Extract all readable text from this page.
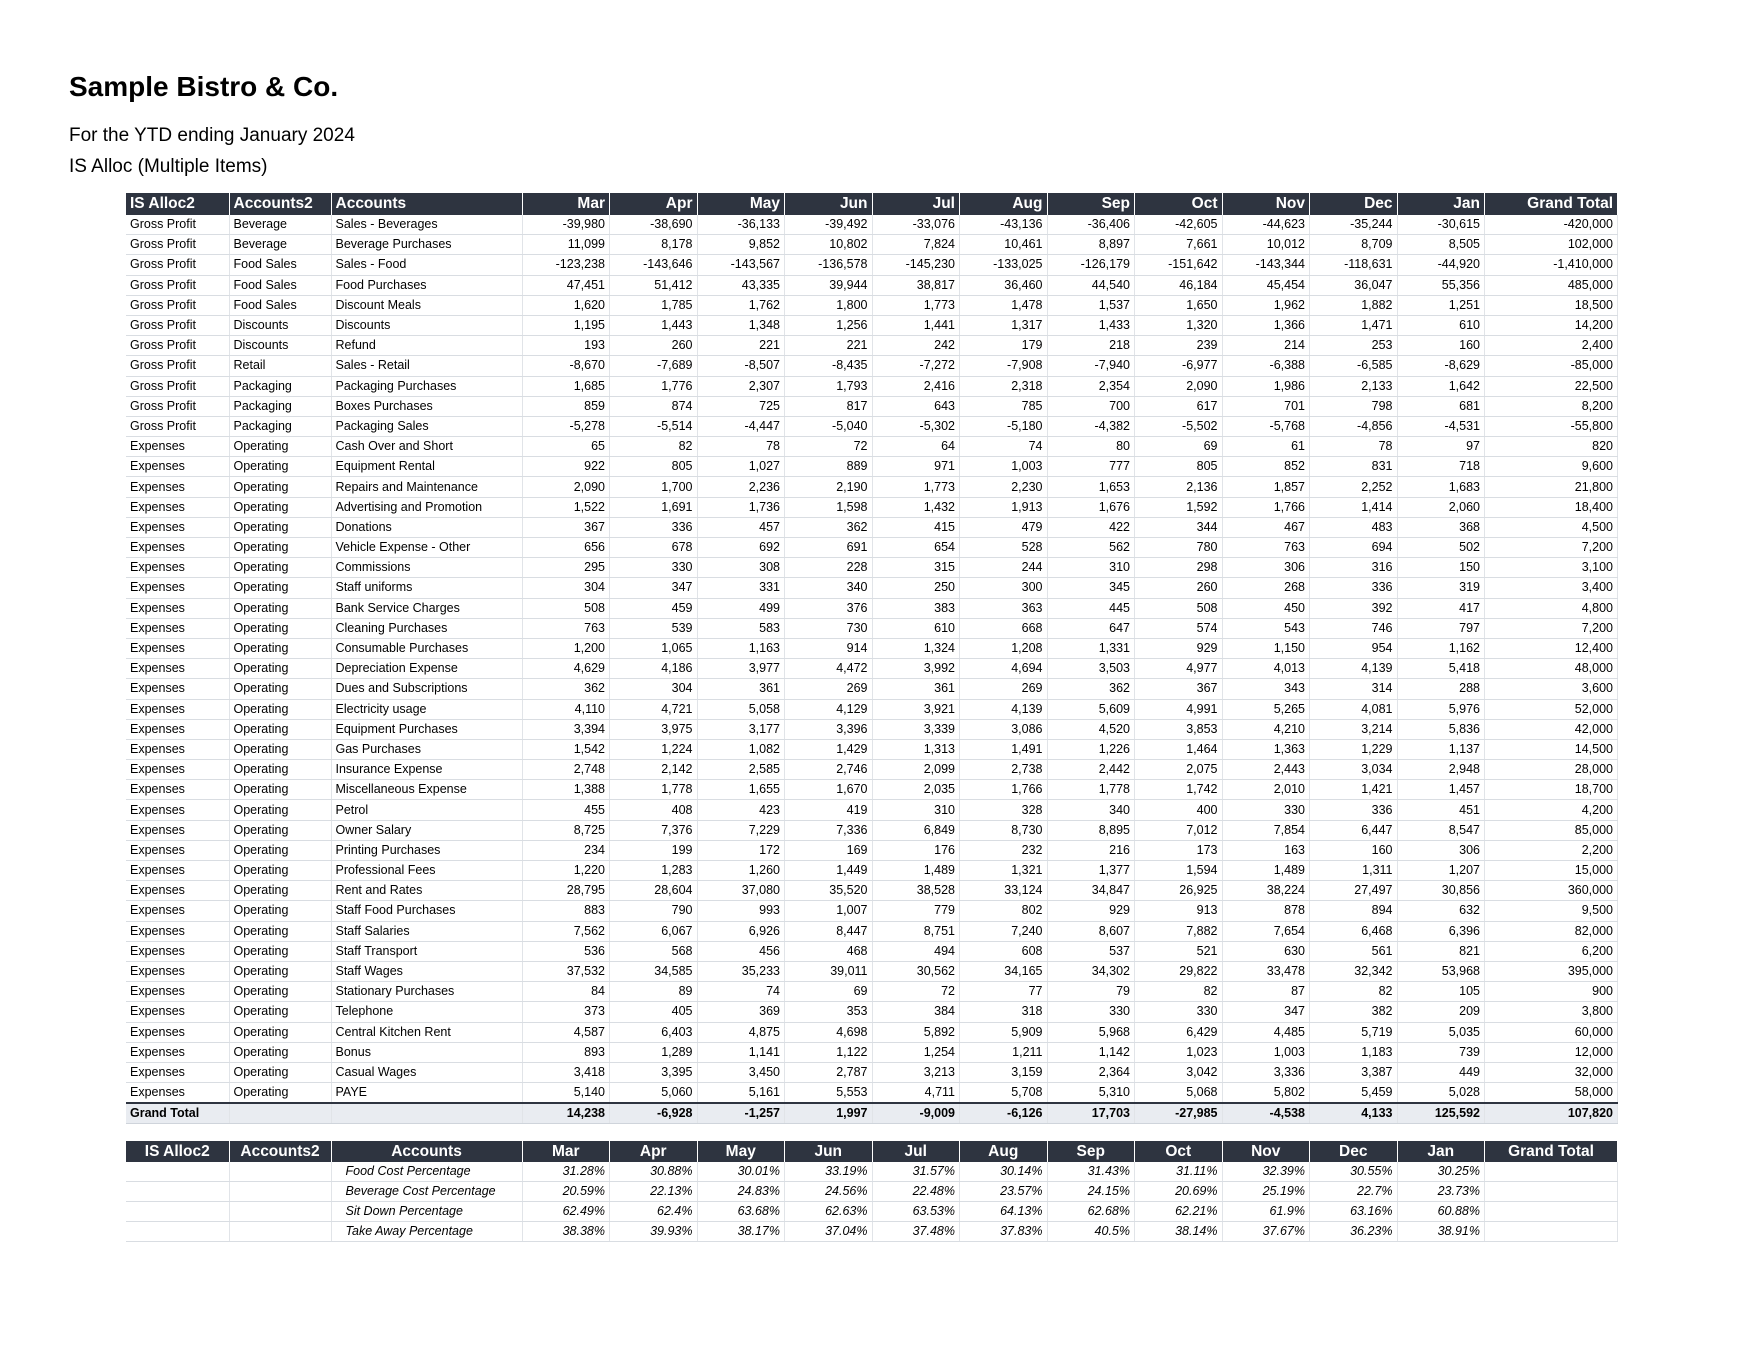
Sample Bistro & Co.
For the YTD ending January 2024
IS Alloc (Multiple Items)
IS Alloc2	Accounts2	Accounts	Mar	Apr	May	Jun	Jul	Aug	Sep	Oct	Nov	Dec	Jan	Grand Total
Gross Profit	Beverage	Sales - Beverages	-39,980	-38,690	-36,133	-39,492	-33,076	-43,136	-36,406	-42,605	-44,623	-35,244	-30,615	-420,000
Gross Profit	Beverage	Beverage Purchases	11,099	8,178	9,852	10,802	7,824	10,461	8,897	7,661	10,012	8,709	8,505	102,000
Gross Profit	Food Sales	Sales - Food	-123,238	-143,646	-143,567	-136,578	-145,230	-133,025	-126,179	-151,642	-143,344	-118,631	-44,920	-1,410,000
Gross Profit	Food Sales	Food Purchases	47,451	51,412	43,335	39,944	38,817	36,460	44,540	46,184	45,454	36,047	55,356	485,000
Gross Profit	Food Sales	Discount Meals	1,620	1,785	1,762	1,800	1,773	1,478	1,537	1,650	1,962	1,882	1,251	18,500
Gross Profit	Discounts	Discounts	1,195	1,443	1,348	1,256	1,441	1,317	1,433	1,320	1,366	1,471	610	14,200
Gross Profit	Discounts	Refund	193	260	221	221	242	179	218	239	214	253	160	2,400
Gross Profit	Retail	Sales - Retail	-8,670	-7,689	-8,507	-8,435	-7,272	-7,908	-7,940	-6,977	-6,388	-6,585	-8,629	-85,000
Gross Profit	Packaging	Packaging Purchases	1,685	1,776	2,307	1,793	2,416	2,318	2,354	2,090	1,986	2,133	1,642	22,500
Gross Profit	Packaging	Boxes Purchases	859	874	725	817	643	785	700	617	701	798	681	8,200
Gross Profit	Packaging	Packaging Sales	-5,278	-5,514	-4,447	-5,040	-5,302	-5,180	-4,382	-5,502	-5,768	-4,856	-4,531	-55,800
Expenses	Operating	Cash Over and Short	65	82	78	72	64	74	80	69	61	78	97	820
Expenses	Operating	Equipment Rental	922	805	1,027	889	971	1,003	777	805	852	831	718	9,600
Expenses	Operating	Repairs and Maintenance	2,090	1,700	2,236	2,190	1,773	2,230	1,653	2,136	1,857	2,252	1,683	21,800
Expenses	Operating	Advertising and Promotion	1,522	1,691	1,736	1,598	1,432	1,913	1,676	1,592	1,766	1,414	2,060	18,400
Expenses	Operating	Donations	367	336	457	362	415	479	422	344	467	483	368	4,500
Expenses	Operating	Vehicle Expense - Other	656	678	692	691	654	528	562	780	763	694	502	7,200
Expenses	Operating	Commissions	295	330	308	228	315	244	310	298	306	316	150	3,100
Expenses	Operating	Staff uniforms	304	347	331	340	250	300	345	260	268	336	319	3,400
Expenses	Operating	Bank Service Charges	508	459	499	376	383	363	445	508	450	392	417	4,800
Expenses	Operating	Cleaning Purchases	763	539	583	730	610	668	647	574	543	746	797	7,200
Expenses	Operating	Consumable Purchases	1,200	1,065	1,163	914	1,324	1,208	1,331	929	1,150	954	1,162	12,400
Expenses	Operating	Depreciation Expense	4,629	4,186	3,977	4,472	3,992	4,694	3,503	4,977	4,013	4,139	5,418	48,000
Expenses	Operating	Dues and Subscriptions	362	304	361	269	361	269	362	367	343	314	288	3,600
Expenses	Operating	Electricity usage	4,110	4,721	5,058	4,129	3,921	4,139	5,609	4,991	5,265	4,081	5,976	52,000
Expenses	Operating	Equipment Purchases	3,394	3,975	3,177	3,396	3,339	3,086	4,520	3,853	4,210	3,214	5,836	42,000
Expenses	Operating	Gas Purchases	1,542	1,224	1,082	1,429	1,313	1,491	1,226	1,464	1,363	1,229	1,137	14,500
Expenses	Operating	Insurance Expense	2,748	2,142	2,585	2,746	2,099	2,738	2,442	2,075	2,443	3,034	2,948	28,000
Expenses	Operating	Miscellaneous Expense	1,388	1,778	1,655	1,670	2,035	1,766	1,778	1,742	2,010	1,421	1,457	18,700
Expenses	Operating	Petrol	455	408	423	419	310	328	340	400	330	336	451	4,200
Expenses	Operating	Owner Salary	8,725	7,376	7,229	7,336	6,849	8,730	8,895	7,012	7,854	6,447	8,547	85,000
Expenses	Operating	Printing Purchases	234	199	172	169	176	232	216	173	163	160	306	2,200
Expenses	Operating	Professional Fees	1,220	1,283	1,260	1,449	1,489	1,321	1,377	1,594	1,489	1,311	1,207	15,000
Expenses	Operating	Rent and Rates	28,795	28,604	37,080	35,520	38,528	33,124	34,847	26,925	38,224	27,497	30,856	360,000
Expenses	Operating	Staff Food Purchases	883	790	993	1,007	779	802	929	913	878	894	632	9,500
Expenses	Operating	Staff Salaries	7,562	6,067	6,926	8,447	8,751	7,240	8,607	7,882	7,654	6,468	6,396	82,000
Expenses	Operating	Staff Transport	536	568	456	468	494	608	537	521	630	561	821	6,200
Expenses	Operating	Staff Wages	37,532	34,585	35,233	39,011	30,562	34,165	34,302	29,822	33,478	32,342	53,968	395,000
Expenses	Operating	Stationary Purchases	84	89	74	69	72	77	79	82	87	82	105	900
Expenses	Operating	Telephone	373	405	369	353	384	318	330	330	347	382	209	3,800
Expenses	Operating	Central Kitchen Rent	4,587	6,403	4,875	4,698	5,892	5,909	5,968	6,429	4,485	5,719	5,035	60,000
Expenses	Operating	Bonus	893	1,289	1,141	1,122	1,254	1,211	1,142	1,023	1,003	1,183	739	12,000
Expenses	Operating	Casual Wages	3,418	3,395	3,450	2,787	3,213	3,159	2,364	3,042	3,336	3,387	449	32,000
Expenses	Operating	PAYE	5,140	5,060	5,161	5,553	4,711	5,708	5,310	5,068	5,802	5,459	5,028	58,000
Grand Total			14,238	-6,928	-1,257	1,997	-9,009	-6,126	17,703	-27,985	-4,538	4,133	125,592	107,820
IS Alloc2	Accounts2	Accounts	Mar	Apr	May	Jun	Jul	Aug	Sep	Oct	Nov	Dec	Jan	Grand Total
		Food Cost Percentage	31.28%	30.88%	30.01%	33.19%	31.57%	30.14%	31.43%	31.11%	32.39%	30.55%	30.25%	
		Beverage Cost Percentage	20.59%	22.13%	24.83%	24.56%	22.48%	23.57%	24.15%	20.69%	25.19%	22.7%	23.73%	
		Sit Down Percentage	62.49%	62.4%	63.68%	62.63%	63.53%	64.13%	62.68%	62.21%	61.9%	63.16%	60.88%	
		Take Away Percentage	38.38%	39.93%	38.17%	37.04%	37.48%	37.83%	40.5%	38.14%	37.67%	36.23%	38.91%	
